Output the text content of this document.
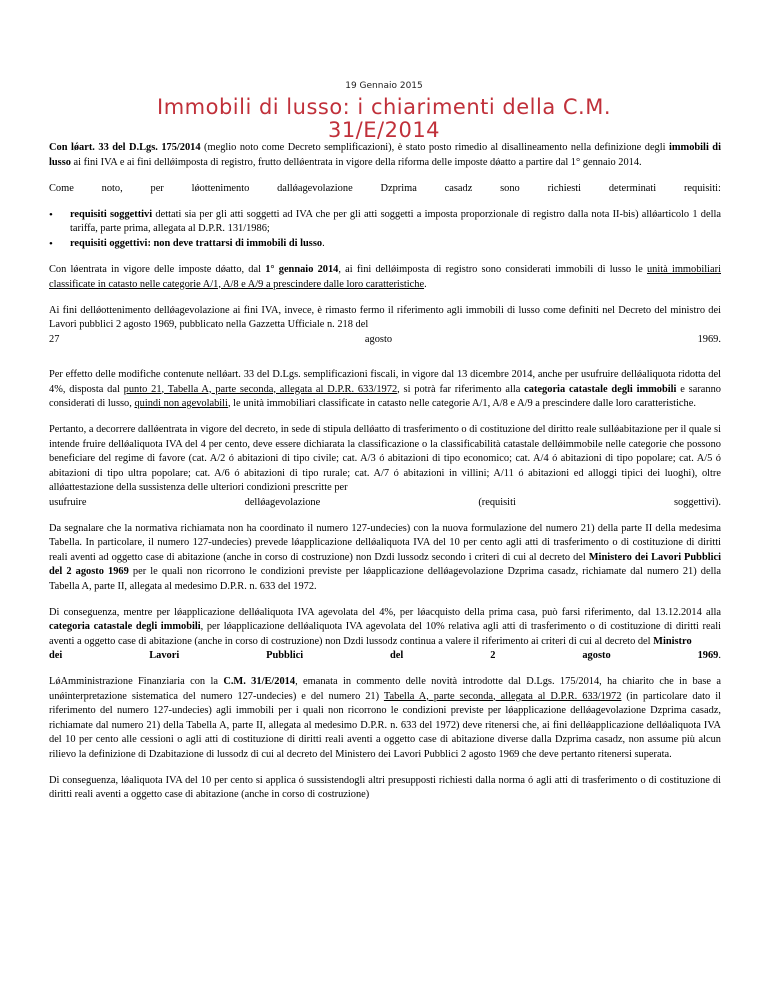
19 Gennaio 2015
Immobili di lusso: i chiarimenti della C.M. 31/E/2014

Con lǿart. 33 del D.Lgs. 175/2014 (meglio noto come Decreto semplificazioni), è stato posto rimedio al disallineamento nella definizione degli immobili di lusso ai fini IVA e ai fini dellǿimposta di registro, frutto dellǿentrata in vigore della riforma delle imposte dǿatto a partire dal 1° gennaio 2014.

Come	noto,	per	lǿottenimento	dallǿagevolazione	ǲprima	casaǳ	sono	richiesti	determinati	requisiti:

• requisiti soggettivi dettati sia per gli atti soggetti ad IVA che per gli atti soggetti a imposta proporzionale di registro dalla nota II-bis) allǿarticolo 1 della tariffa, parte prima, allegata al D.P.R. 131/1986;
• requisiti oggettivi: non deve trattarsi di immobili di lusso.

Con lǿentrata in vigore delle imposte dǿatto, dal 1° gennaio 2014, ai fini dellǿimposta di registro sono considerati immobili di lusso le unità immobiliari classificate in catasto nelle categorie A/1, A/8 e A/9 a prescindere dalle loro caratteristiche.

Ai fini dellǿottenimento dellǿagevolazione ai fini IVA, invece, è rimasto fermo il riferimento agli immobili di lusso come definiti nel Decreto del ministro dei Lavori pubblici 2 agosto 1969, pubblicato nella Gazzetta Ufficiale n. 218 del

27	agosto	1969.

Per effetto delle modifiche contenute nellǿart. 33 del D.Lgs. semplificazioni fiscali, in vigore dal 13 dicembre 2014, anche per usufruire dellǿaliquota ridotta del 4%, disposta dal punto 21, Tabella A, parte seconda, allegata al D.P.R. 633/1972, si potrà far riferimento alla categoria catastale degli immobili e saranno considerati di lusso, quindi non agevolabili, le unità immobiliari classificate in catasto nelle categorie A/1, A/8 e A/9 a prescindere dalle loro caratteristiche.

Pertanto, a decorrere dallǿentrata in vigore del decreto, in sede di stipula dellǿatto di trasferimento o di costituzione del diritto reale sullǿabitazione per il quale si intende fruire dellǿaliquota IVA del 4 per cento, deve essere dichiarata la classificazione o la classificabilità catastale dellǿimmobile nelle categorie che possono beneficiare del regime di favore (cat. A/2 ó abitazioni di tipo civile; cat. A/3 ó abitazioni di tipo economico; cat. A/4 ó abitazioni di tipo popolare; cat. A/5 ó abitazioni di tipo ultra popolare; cat. A/6 ó abitazioni di tipo rurale; cat. A/7 ó abitazioni in villini; A/11 ó abitazioni ed alloggi tipici dei luoghi), oltre allǿattestazione della sussistenza delle ulteriori condizioni prescritte per

usufruire	dellǿagevolazione	(requisiti	soggettivi).

Da segnalare che la normativa richiamata non ha coordinato il numero 127-undecies) con la nuova formulazione del numero 21) della parte II della medesima Tabella. In particolare, il numero 127-undecies) prevede lǿapplicazione dellǿaliquota IVA del 10 per cento agli atti di trasferimento o di costituzione di diritti reali aventi ad oggetto case di abitazione (anche in corso di costruzione) non ǲdi lussoǳ secondo i criteri di cui al decreto del Ministero dei Lavori Pubblici del 2 agosto 1969 per le quali non ricorrono le condizioni previste per lǿapplicazione dellǿagevolazione ǲprima casaǳ, richiamate dal numero 21) della Tabella A, parte II, allegata al medesimo D.P.R. n. 633 del 1972.

Di conseguenza, mentre per lǿapplicazione dellǿaliquota IVA agevolata del 4%, per lǿacquisto della prima casa, può farsi riferimento, dal 13.12.2014 alla categoria catastale degli immobili, per lǿapplicazione dellǿaliquota IVA agevolata del 10% relativa agli atti di trasferimento o di costituzione di diritti reali aventi a oggetto case di abitazione (anche in corso di costruzione) non ǲdi lussoǳ continua a valere il riferimento ai criteri di cui al decreto del Ministro

dei	Lavori	Pubblici	del	2	agosto	1969.

LǿAmministrazione Finanziaria con la C.M. 31/E/2014, emanata in commento delle novità introdotte dal D.Lgs. 175/2014, ha chiarito che in base a unǿinterpretazione sistematica del numero 127-undecies) e del numero 21) Tabella A, parte seconda, allegata al D.P.R. 633/1972 (in particolare dato il riferimento del numero 127-undecies) agli immobili per i quali non ricorrono le condizioni previste per lǿapplicazione dellǿagevolazione ǲprima casaǳ, richiamate dal numero 21) della Tabella A, parte II, allegata al medesimo D.P.R. n. 633 del 1972) deve ritenersi che, ai fini dellǿapplicazione dellǿaliquota IVA del 10 per cento alle cessioni o agli atti di costituzione di diritti reali aventi a oggetto case di abitazione diverse dalla ǲprima casaǳ, non assume più alcun rilievo la definizione di ǲabitazione di lussoǳ di cui al decreto del Ministero dei Lavori Pubblici 2 agosto 1969 che deve pertanto ritenersi superata.

Di conseguenza, lǿaliquota IVA del 10 per cento si applica ó sussistendogli altri presupposti richiesti dalla norma ó agli atti di trasferimento o di costituzione di diritti reali aventi a oggetto case di abitazione (anche in corso di costruzione)
